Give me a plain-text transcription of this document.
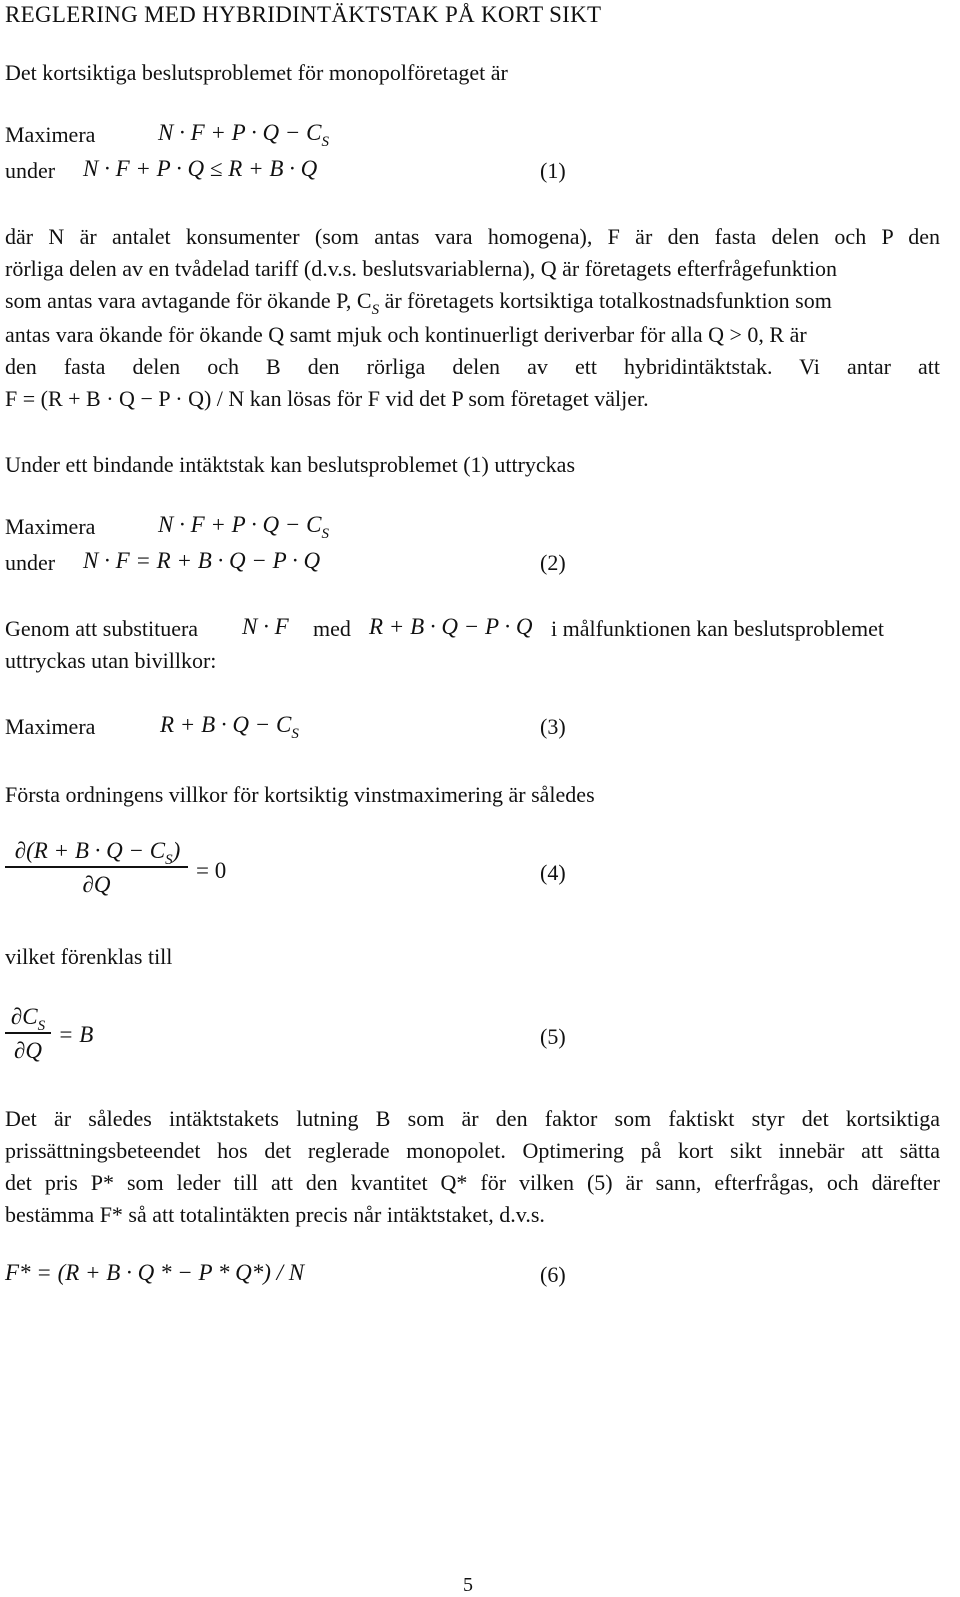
REGLERING MED HYBRIDINTÄKTSTAK PÅ KORT SIKT
Det kortsiktiga beslutsproblemet för monopolföretaget är
Maximera	$N \cdot F + P \cdot Q - C_S$
under N · F + P · Q ≤ R + B · Q	(1)
där N är antalet konsumenter (som antas vara homogena), F är den fasta delen och P den
rörliga delen av en tvådelad tariff (d.v.s. beslutsvariablerna), Q är företagets efterfrågefunktion
som antas vara avtagande för ökande P, $C_S$ är företagets kortsiktiga totalkostnadsfunktion som
antas vara ökande för ökande Q samt mjuk och kontinuerligt deriverbar för alla Q > 0, R är
den fasta delen och B den rörliga delen av ett hybridintäktstak. Vi antar att
F = (R + B · Q − P · Q) / N kan lösas för F vid det P som företaget väljer.
Under ett bindande intäktstak kan beslutsproblemet (1) uttryckas
Maximera	$N \cdot F + P \cdot Q - C_S$
under N · F = R + B · Q − P · Q	(2)
Genom att substituera N · F med R + B · Q − P · Q i målfunktionen kan beslutsproblemet
uttryckas utan bivillkor:
Maximera	$R + B \cdot Q - C_S$	(3)
Första ordningens villkor för kortsiktig vinstmaximering är således
$\partial(R + B \cdot Q - C_S)$
∂Q
= 0	(4)
vilket förenklas till
$\partial C_S$
∂Q
= B	(5)
Det är således intäktstakets lutning B som är den faktor som faktiskt styr det kortsiktiga
prissättningsbeteendet hos det reglerade monopolet. Optimering på kort sikt innebär att sätta
det pris P* som leder till att den kvantitet Q* för vilken (5) är sann, efterfrågas, och därefter
bestämma F* så att totalintäkten precis når intäktstaket, d.v.s.
F* = (R + B · Q * − P * Q*) / N	(6)
5
